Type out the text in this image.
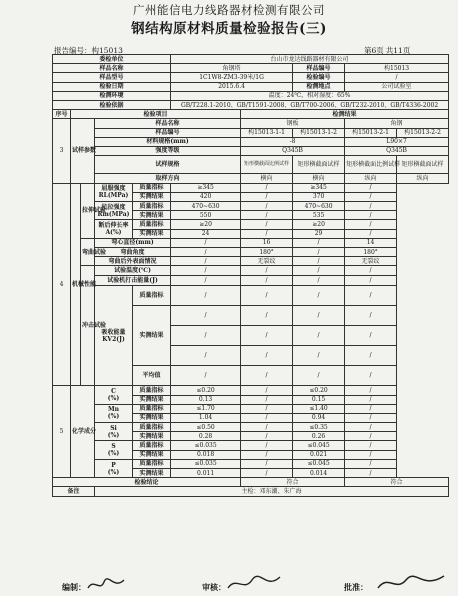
广州能信电力线路器材检测有限公司
钢结构原材料质量检验报告(三)
报告编号：构15013	第6页 共11页
委检单位					台山市龙达线路器材有限公司				
样品名称					角钢塔		样品编号	构15013	
样品型号					1C1W8-ZM3-39米/1G		检验编号	/	
检验日期					2015.6.4		检测地点	公司试验室	
检测环境					温度：24℃，相对湿度：65%				
检验依据					GB/T228.1-2010、GB/T1591-2008、GB/T700-2006、GB/T232-2010、GB/T4336-2002				
序号	检验项目					检测结果			
3	试样参数		样品名称			钢板		角钢	
			样品编号			构15013-1-1	构15013-1-2	构15013-2-1	构15013-2-2
			材料规格(mm)			-8		L90×7	
			强度等级			Q345B		Q345B	
			试样规格			矩形横截面比例试样	矩形横截面试样	矩形横截面比例试样	矩形横截面试样

			取样方向			横向	横向	纵向	纵向
4	机械性能	拉伸试验	屈服强度
RL(MPa)	质量指标	≥345	/	≥345	/	
				实测结果	420	/	370	/	
			抗拉强度
Rm(MPa)	质量指标	470~630	/	470~630	/	
				实测结果	550	/	535	/	
			断后伸长率
A(%)	质量指标	≥20	/	≥20	/	
				实测结果	24	/	29	/	
		弯曲试验	弯心直径(mm)		/	16	/	14	
			弯曲角度		/	180°	/	180°	
			弯曲后外表面情况		/	无裂纹	/	无裂纹	
		冲击试验	试验温度(℃)		/	/	/	/	
			试验机打击能量(J)		/	/	/	/	
			吸收能量
KV2(J)	质量指标	/	/	/	/	

				实测结果	/	/	/	/	

					/	/	/	/	

					/	/	/	/	

				平均值	/	/	/	/	

5	化学成分		C
(%)	质量指标	≤0.20	/	≤0.20	/	
				实测结果	0.13	/	0.15	/	
			Mn
(%)	质量指标	≤1.70	/	≤1.40	/	
				实测结果	1.04	/	0.94	/	
			Si
(%)	质量指标	≤0.50	/	≤0.35	/	
				实测结果	0.28	/	0.26	/	
			S
(%)	质量指标	≤0.035	/	≤0.045	/	
				实测结果	0.018	/	0.021	/	
			P
(%)	质量指标	≤0.035	/	≤0.045	/	
				实测结果	0.011	/	0.014	/	
检验结论						符合		符合	
备注			主检：邓东潮、朱广海						
编制：	审核：	批准：
